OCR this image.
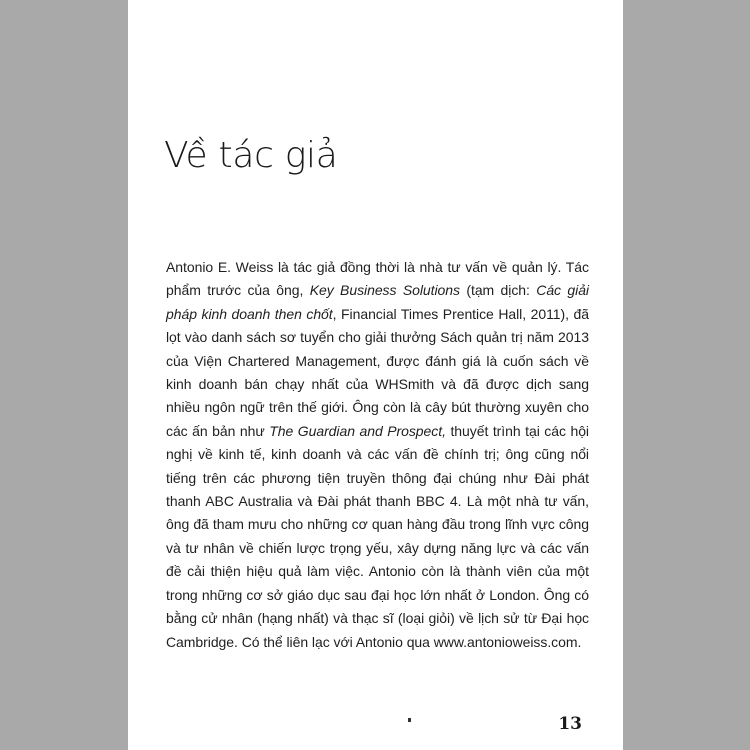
Về tác giả

Antonio E. Weiss là tác giả đồng thời là nhà tư vấn về quản lý. Tác phẩm trước của ông, Key Business Solutions (tạm dịch: Các giải pháp kinh doanh then chốt, Financial Times Prentice Hall, 2011), đã lọt vào danh sách sơ tuyển cho giải thưởng Sách quản trị năm 2013 của Viện Chartered Management, được đánh giá là cuốn sách về kinh doanh bán chạy nhất của WHSmith và đã được dịch sang nhiều ngôn ngữ trên thế giới. Ông còn là cây bút thường xuyên cho các ấn bản như The Guardian and Prospect, thuyết trình tại các hội nghị về kinh tế, kinh doanh và các vấn đề chính trị; ông cũng nổi tiếng trên các phương tiện truyền thông đại chúng như Đài phát thanh ABC Australia và Đài phát thanh BBC 4. Là một nhà tư vấn, ông đã tham mưu cho những cơ quan hàng đầu trong lĩnh vực công và tư nhân về chiến lược trọng yếu, xây dựng năng lực và các vấn đề cải thiện hiệu quả làm việc. Antonio còn là thành viên của một trong những cơ sở giáo dục sau đại học lớn nhất ở London. Ông có bằng cử nhân (hạng nhất) và thạc sĩ (loại giỏi) về lịch sử từ Đại học Cambridge. Có thể liên lạc với Antonio qua www.antonioweiss.com.

13
